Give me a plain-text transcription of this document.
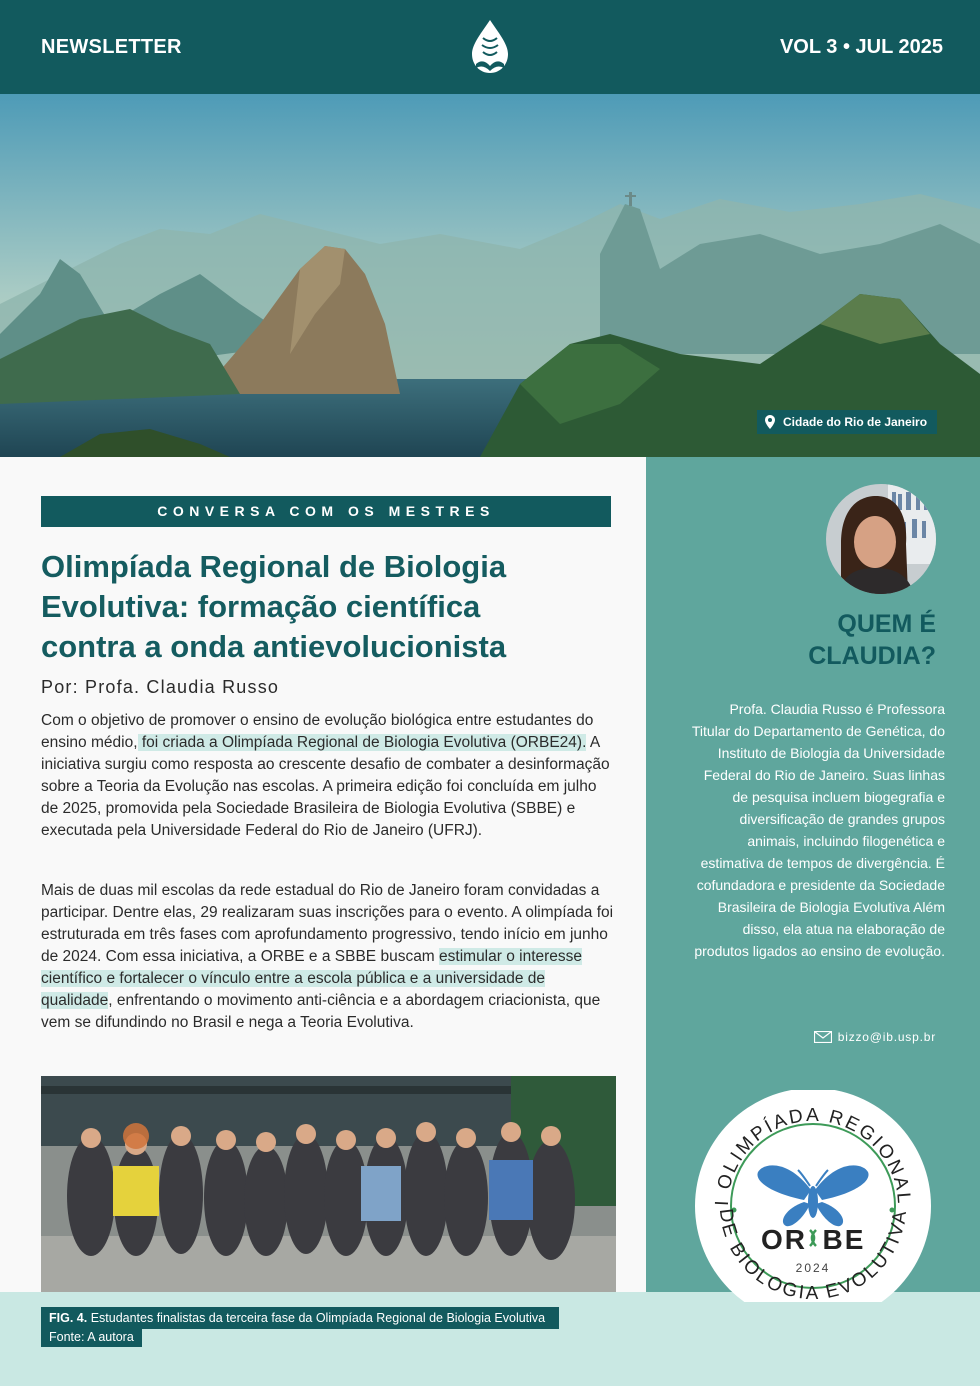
NEWSLETTER	VOL 3 • JUL 2025
Cidade do Rio de Janeiro
CONVERSA COM OS MESTRES
Olimpíada Regional de Biologia
Evolutiva: formação científica
contra a onda antievolucionista
Por: Profa. Claudia Russo

Com o objetivo de promover o ensino de evolução biológica entre estudantes do ensino médio, foi criada a Olimpíada Regional de Biologia Evolutiva (ORBE24). A iniciativa surgiu como resposta ao crescente desafio de combater a desinformação sobre a Teoria da Evolução nas escolas. A primeira edição foi concluída em julho de 2025, promovida pela Sociedade Brasileira de Biologia Evolutiva (SBBE) e executada pela Universidade Federal do Rio de Janeiro (UFRJ).

Mais de duas mil escolas da rede estadual do Rio de Janeiro foram convidadas a participar. Dentre elas, 29 realizaram suas inscrições para o evento. A olimpíada foi estruturada em três fases com aprofundamento progressivo, tendo início em junho de 2024. Com essa iniciativa, a ORBE e a SBBE buscam estimular o interesse científico e fortalecer o vínculo entre a escola pública e a universidade de qualidade, enfrentando o movimento anti-ciência e a abordagem criacionista, que vem se difundindo no Brasil e nega a Teoria Evolutiva.

FIG. 4. Estudantes finalistas da terceira fase da Olimpíada Regional de Biologia Evolutiva
Fonte: A autora
QUEM É
CLAUDIA?
Profa. Claudia Russo é Professora Titular do Departamento de Genética, do Instituto de Biologia da Universidade Federal do Rio de Janeiro. Suas linhas de pesquisa incluem biogegrafia e diversificação de grandes grupos animais, incluindo filogenética e estimativa de tempos de divergência. É cofundadora e presidente da Sociedade Brasileira de Biologia Evolutiva Além disso, ela atua na elaboração de produtos ligados ao ensino de evolução.
bizzo@ib.usp.br
I OLIMPÍADA REGIONAL
DE BIOLOGIA EVOLUTIVA
OR BE
2024
